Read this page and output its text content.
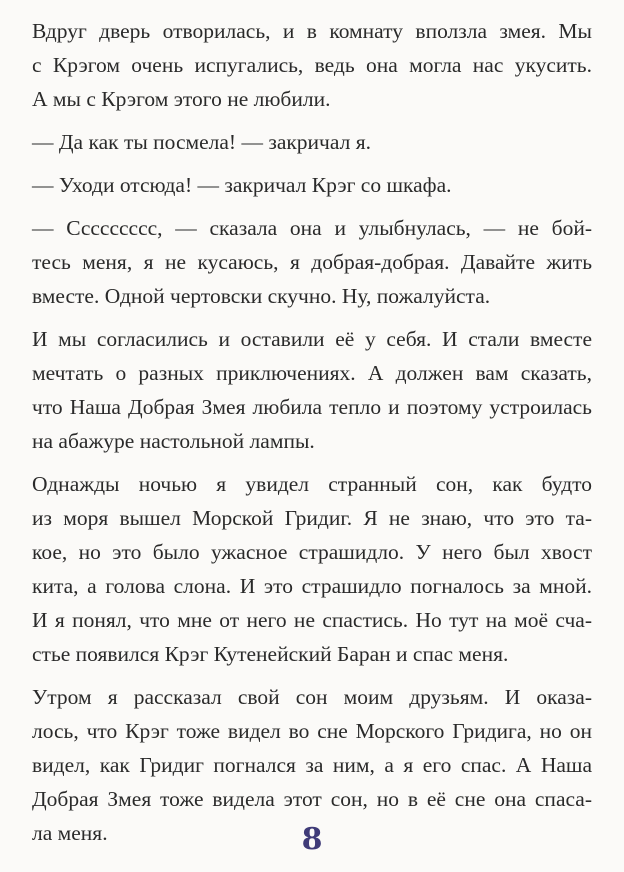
Вдруг дверь отворилась, и в комнату вползла змея. Мы
с Крэгом очень испугались, ведь она могла нас укусить.
А мы с Крэгом этого не любили.

— Да как ты посмела! — закричал я.

— Уходи отсюда! — закричал Крэг со шкафа.

— Ссссссссс, — сказала она и улыбнулась, — не бой-
тесь меня, я не кусаюсь, я добрая-добрая. Давайте жить
вместе. Одной чертовски скучно. Ну, пожалуйста.

И мы согласились и оставили её у себя. И стали вместе
мечтать о разных приключениях. А должен вам сказать,
что Наша Добрая Змея любила тепло и поэтому устроилась
на абажуре настольной лампы.

Однажды ночью я увидел странный сон, как будто
из моря вышел Морской Гридиг. Я не знаю, что это та-
кое, но это было ужасное страшидло. У него был хвост
кита, а голова слона. И это страшидло погналось за мной.
И я понял, что мне от него не спастись. Но тут на моё сча-
стье появился Крэг Кутенейский Баран и спас меня.

Утром я рассказал свой сон моим друзьям. И оказа-
лось, что Крэг тоже видел во сне Морского Гридига, но он
видел, как Гридиг погнался за ним, а я его спас. А Наша
Добрая Змея тоже видела этот сон, но в её сне она спаса-
ла меня.	8
